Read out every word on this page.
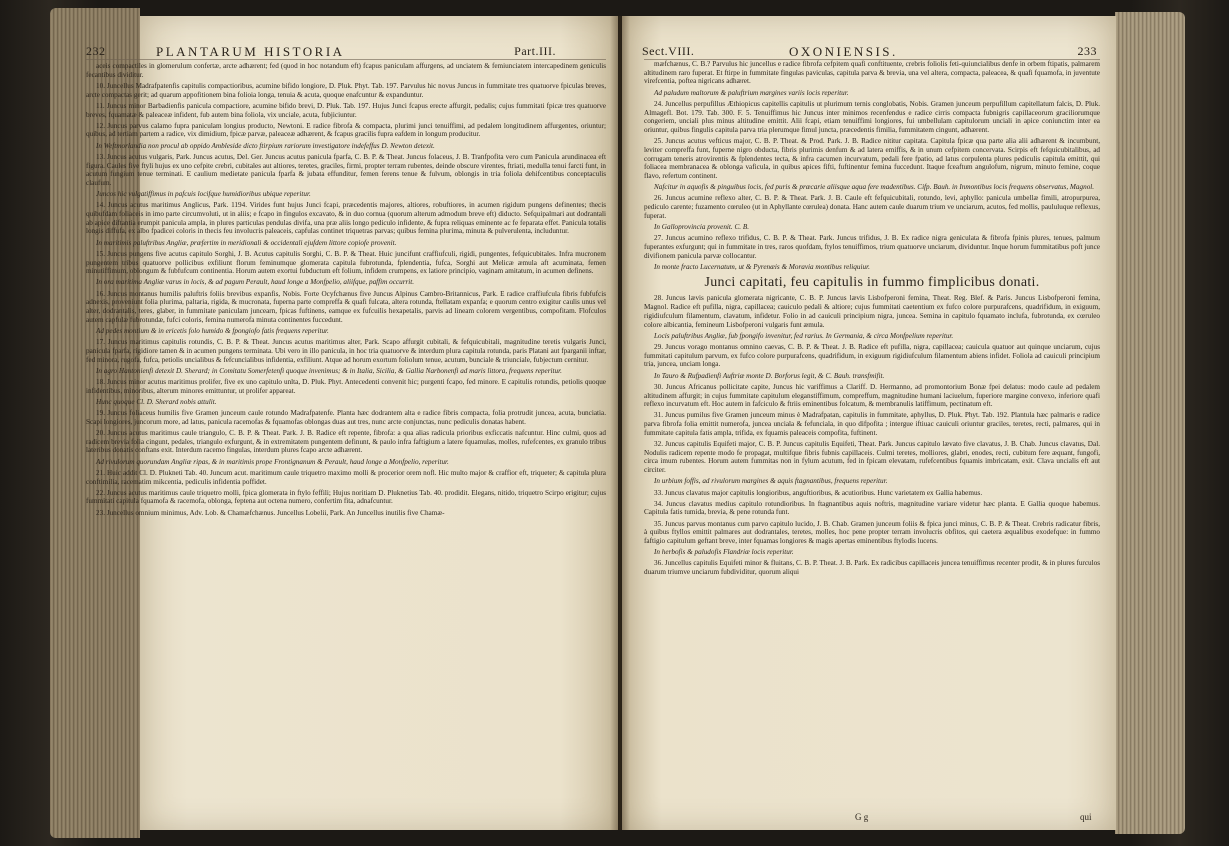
232	PLANTARUM HISTORIA	Part.III.	Sect.VIII.	OXONIENSIS.	233

aceis compactiles in glomerulum confertæ, arcte adhærent; fed (quod in hoc notandum eft) fcapus paniculam affurgens, ad unciatem & femiunciatem intercapedinem geniculis fecantibus dividitur.

10. Juncellus Madrafpatenfis capitulis compactioribus, acumine bifido longiore, D. Pluk. Phyt. Tab. 197. Parvulus hic novus Juncus in fummitate tres quatuorve fpiculas breves, arcte compactas gerit; ad quarum appofitionem bina folioia longa, tenuia & acuta, quoque enafcuntur & expanduntur.

11. Juncus minor Barbadienfis panicula compactiore, acumine bifido brevi, D. Pluk. Tab. 197. Hujus Junci fcapus erecte affurgit, pedalis; cujus fummitati fpicæ tres quatuorve breves, fquamatæ & paleaceæ infident, fub autem bina foliola, vix unciale, acuta, fubjiciuntur.

12. Juncus parvus calamo fupra paniculam longius producto, Newtoni. E radice fibrofa & compacta, plurimi junci tenuiffimi, ad pedalem longitudinem affurgentes, oriuntur; quibus, ad tertiam partem a radice, vix dimidium, fpicæ parvæ, paleaceæ adhærent, & fcapus gracilis fupra eafdem in longum producitur.

In Weftmorlandia non procul ab oppido Ambleside dicto ftirpium rariorum investigatore indefeffus D. Newton detexit.

13. Juncus acutus vulgaris, Park. Juncus acutus, Del. Ger. Juncus acutus panicula fparfa, C. B. P. & Theat. Juncus folaceus, J. B. Tranfpofita vero cum Panicula arundinacea eft figura. Caules five ftyli hujus ex uno cefpite crebri, cubitales aut altiores, teretes, graciles, firmi, propter terram rubentes, deinde obscure virentes, ftriati, medulla tenui farcti funt, in acutum fungium tenue terminati. E caulium medietate panicula fparfa & jubata effunditur, femen ferens tenue & fulvum, oblongis in tria foliola dehifcentibus conceptaculis claufum.

Juncos hic vulgatiffimus in pafcuis locifque humidioribus ubique reperitur.

14. Juncus acutus maritimus Anglicus, Park. 1194. Virides funt hujus Junci fcapi, præcedentis majores, altiores, robuftiores, in acumen rigidum pungens definentes; thecis quibufdam foliaceis in imo parte circumvoluti, ut in aliis; e fcapo in fingulos excavato, & in duo cornua (quorum alterum admodum breve eft) diducto. Sefquipalmari aut dodrantali ab apice diftantia erumpit panicula ampla, in plures particulas pendulas divifa, una præ aliis longo pediculo infidente, & fupra reliquas eminente ac fe feparata effet. Panicula totalis longis diffufa, ex albo fpadicei coloris in thecis feu involucris paleaceis, capfulas continet triquetras parvas; quibus femina plurima, minuta & pulverulenta, includuntur.

In maritimis paluftribus Angliæ, præfertim in meridionali & occidentali ejufdem littore copiofe provenit.

15. Juncus pungens five acutus capitulo Sorghi, J. B. Acutus capitulis Sorghi, C. B. P. & Theat. Huic juncifunt craffiufculi, rigidi, pungentes, fefquicubitales. Infra mucronem pungentem tribus quatuorve pollicibus exfiliunt florum feminumque glomerata capitula fubrotunda, fplendentia, fufca, Sorghi aut Melicæ æmula aft acuminata, femen minutiffimum, oblongum & fubfufcum continentia. Horum autem exortui fubductum eft folium, infidem crumpens, ex latiore principio, vaginam amitatum, in acumen definens.

In ora maritima Angliæ varus in locis, & ad pagum Perault, haud longe a Monfpelio, aliifque, paffim occurrit.

16. Juncus montanus humilis paluftris foliis brevibus expanfis, Nobis. Forte Ocyfchænus five Juncus Alpinus Cambro-Britannicus, Park. E radice craffiufcula fibris fubfufcis adnexis, proveniunt folia plurima, paltaria, rigida, & mucronata, fuperna parte compreffa & quafi fulcata, altera rotunda, ftellatam expanfa; e quorum centro exigitur caulis unus vel alter, dodrantalis, teres, glaber, in fummitate paniculam juncearn, fpicas fuftinens, eamque ex fufcuilis hexapetalis, parvis ad lineam colorem vergentibus, compofitam. Flofculos autem capfulæ fubrotundæ, fufci coloris, femina numerofa minuta continentes fuccedunt.

Ad pedes montium & in ericetis folo humido & fpongiofo fatis frequens reperitur.

17. Juncus maritimus capitulis rotundis, C. B. P. & Theat. Juncus acutus maritimus alter, Park. Scapo affurgit cubitali, & fefquicubitali, magnitudine teretis vulgaris Junci, panicula fparfa, rigidiore tamen & in acumen pungens terminata. Ubi vero in illo panicula, in hoc tria quatuorve & interdum plura capitula rotunda, paris Platani aut fparganii inftar, fed minora, rugofa, fufca, petiolis uncialibus & fefcuncialibus infidentia, exfiliunt. Atque ad horum exortum foliolum tenue, acutum, bunciale & triunciale, fubjectum cernitur.

In agro Hantonienfi detexit D. Sherard; in Comitatu Somerfetenfi quoque invenimus; & in Italia, Sicilia, & Gallia Narbonenfi ad maris littora, frequens reperitur.

18. Juncus minor acutus maritimus prolifer, five ex uno capitulo unlta, D. Pluk. Phyt. Antecedenti convenit hic; purgenti fcapo, fed minore. E capitulis rotundis, petiolis quoque infidentibus, minoribus, alterum minores emittuntur, ut prolifer appareat.

Hunc quoque Cl. D. Sherard nobis attulit.

19. Juncus foliaceus humilis five Gramen junceum caule rotundo Madrafpatenfe. Planta hæc dodrantem alta e radice fibris compacta, folia protrudit juncea, acuta, bunciatia. Scapi longiores, juncorum more, ad latus, panicula racemofas & fquamofas oblongas duas aut tres, nunc arcte conjunctas, nunc pediculis donatas habent.

20. Juncus acutus maritimus caule triangulo, C. B. P. & Theat. Park. J. B. Radice eft repente, fibrofa: a qua alias radicula prioribus exficcatis nafcuntur. Hinc culmi, quos ad radicem brevia folia cingunt, pedales, triangulo exfurgunt, & in extremitatem pungentem definunt, & paulo infra faftigium a latere fquamulas, molles, rufefcentes, ex granulo tribus lateribus donatis conftans exit. Interdum racemo fingulas, interdum plures fcapo arcte adhærent.

Ad rivulorum quorundam Angliæ ripas, & in maritimis prope Frontignanum & Perault, haud longe a Monfpelio, reperitur.

21. Huic addit Cl. D. Plukneti Tab. 40. Juncum acut. maritimum caule triquetro maximo molli & procerior orem nofl. Hic multo major & craffior eft, triqueter; & capitula plura conftimilia, racematim mikcentia, pediculis infidentia poffidet.

22. Juncus acutus maritimus caule triquetro molli, fpica glomerata in ftylo feffili; Hujus noritiam D. Pluknetius Tab. 40. prodidit. Elegans, nitido, triquetro Scirpo erigitur; cujus fummitati capitula fquamofa & racemofa, oblonga, feptena aut octena numero, confertim fita, adnafcuntur.

23. Juncellus omnium minimus, Adv. Lob. & Chamæfchænus. Juncellus Lobelii, Park. An Juncellus inutilis five Chamæ-

mæfchænus, C. B.? Parvulus hic juncellus e radice fibrofa cefpitem quafi conftituente, crebris foliolis feti-quiuncialibus denfe in orbem ftipatis, palmarem altitudinem raro fuperat. Et ftirpe in fummitate fingulas paviculas, capitula parva & brevia, una vel altera, compacta, paleacea, & quafi fquamofa, in juventute virefcentia, poftea nigricans adhæret.

Ad paludum maltorum & paluftrium margines variis locis reperitur.

24. Juncellus perpufillus Æthiopicus capitellis capitulis ut plurimum ternis conglobatis, Nobis. Gramen junceum perpufillum capitellatum falcis, D. Pluk. Almagefl. Bot. 179. Tab. 300. F. 5. Tenuiffimus hic Juncus inter minimos recenfendus e radice cirris compacta fubnigris capillaceorum graciliorumque congeriem, unciali plus minus altitudine emittit. Alii fcapi, etiam tenuiffimi longiores, fui umbellulam capitulorum unciali in apice coniunctim inter ea oriuntur, quibus fingulis capitula parva tria plerumque fimul juncta, præcedentis fimilia, fummitatem cingunt, adhærent.

25. Juncus acutus vefticus major, C. B. P. Theat. & Prod. Park. J. B. Radice nititur capitata. Capitula fpicæ qua parte alia alii adhærent & incumbunt, leviter compreffa funt, fuperne nigro obducta, fibris plurimis denfum & ad latera emiffis, & in unum cefpitem concervata. Scirpis eft fefquicubitalibus, ad corrugam teneris atrovirentis & fplendentes tecta, & infra cacumen incurvatum, pedali fere fpatio, ad latus corpulenta plures pediculis capitula emittit, qui foliacea membranacea & oblonga vaficula, in quibus apices fifti, fuftinentur femina fuccedunt. Itaque fceaftum angulofum, nigrum, minuto femine, coque flavo, refertum continent.

Nafcitur in aquofis & pinguibus locis, fed puris & præcarie aliisque aqua fere madentibus. Cifp. Bauh. in Inmontibus locis frequens observatus, Magnol.

26. Juncus acumine reflexo alter, C. B. P. & Theat. Park. J. B. Caule eft fefquicubitali, rotundo, levi, aphyllo: panicula umbellæ fimili, atropurpurea, pediculo carente; fuzamento cœruleo (ut in Aphyllante cœrulea) donata. Hanc autem caule duarum trium ve unciarum, acutos, fed mollis, paululuque reflexus, fuperat.

In Galloprovincia provenit. C. B.

27. Juncus acumino reflexo trifidus, C. B. P. & Theat. Park. Juncus trifidus, J. B. Ex radice nigra geniculata & fibrofa fpinis plures, tenues, palmum fuperantes exfurgunt; qui in fummitate in tres, raros quofdam, ftylos tenuiffimos, trium quatuorve unciarum, dividuntur. Inque horum fummitatibus poft junce divifionem panicula parvæ collocantur.

In monte fracto Lucernatum, ut & Pyrenæis & Moravia montibus reliquiur.

Junci capitati, feu capitulis in fummo fimplicibus donati.

28. Juncus lævis panicula glomerata nigricante, C. B. P. Juncus lævis Lisbofperoni femina, Theat. Reg. Blef. & Paris. Juncus Lisbofperoni femina, Magnol. Radice eft pufilla, nigra, capillacea; cauiculo pedali & altiore; cujus fummitati caetentium ex fufco colore purpurafcens, quadrifidum, in exiguum, rigidiufculum filamentum, clavatum, infidetur. Folio in ad cauiculi principium nigra, juncea. Semina in capitulo fquamato inclufa, fubrotunda, ex cœruleo colore albicantia, femineum Lisbofperoni vulgaris funt æmula.

Locis paluftribus Angliæ, fub fpongifo invenitur, fed rarius. In Germania, & circa Monfpelium reperitur.

29. Juncus vorago montanus omnino caevas, C. B. P. & Theat. J. B. Radice eft pufilla, nigra, capillacea; cauicula quatuor aut quinque unciarum, cujus fummitati capitulum parvum, ex fufco colore purpurafcens, quadrifidum, in exiguum rigidiufculum filamentum abiens infidet. Foliola ad cauiculi principium tria, juncea, unciam longa.

In Tauro & Rufpadienfi Auftriæ monte D. Borforus legit, & C. Bauh. transfmifit.

30. Juncus Africanus pollicitate capite, Juncus hic variffimus a Clariff. D. Hermanno, ad promontorium Bonæ fpei delatus: modo caule ad pedalem altitudinem affurgit; in cujus fummitate capitulum eleganstiffimum, compreffum, magnitudine humani laciuelum, fuperiore margine convexo, inferiore quafi reflexo incurvatum eft. Hoc autem in fafciculo & ftriis eminentibus folcatum, & membranulis latiffimum, pectinatum eft.

31. Juncus pumilus five Gramen junceum minus è Madrafpatan, capitulis in fummitate, aphyllus, D. Pluk. Phyt. Tab. 192. Plantula hæc palmaris e radice parva fibrofa folia emittit numerofa, juncea unciala & fefunciala, in quo difpofita ; intergue iftiuac cauiculi oriuntur graciles, teretes, recti, palmares, qui in fummitate capitula fatis ampla, trifida, ex fquamis paleaceis compofita, fuftinent.

32. Juncus capitulis Equifeti major, C. B. P. Juncus capitulis Equifeti, Theat. Park. Juncus capitulo lævato five clavatus, J. B. Chab. Juncus clavatus, Dal. Nodulis radicem repente modo fe propagat, multifque fibris fubnis capillaceis. Culmi teretes, molliores, glabri, enodes, recti, cubitum fere æquant, fungofi, circa imum rubentes. Horum autem fummitas non in fylum acutum, fed in fpicam elevatam, rufefcentibus fquamis imbricatam, exit. Clava uncialis eft aut circiter.

In urbium foffis, ad rivulorum margines & aquis ftagnantibus, frequens reperitur.

33. Juncus clavatus major capitulis longioribus, anguftioribus, & acutioribus. Hunc varietatem ex Gallia habemus.

34. Juncus clavatus medius capitulo rotundioribus. In ftagnantibus aquis noftris, magnitudine variare videtur hæc planta. E Gallia quoque habemus. Capitula fatis tumida, brevia, & pene rotunda funt.

35. Juncus parvus montanus cum parvo capitulo lucido, J. B. Chab. Gramen junceum foliis & fpica junci minus, C. B. P. & Theat. Crebris radicatur fibris, à quibus ftyllos emittit palmares aut dodrantales, teretes, molles, hoc pene propter terram involucris obfitos, qui caetera æqualibus exodefque: in fummo faftigio capitulum geftant breve, inter fquamas longiores & magis apertas eminentibus ftylodis lucens.

In herbofis & paludofis Flandriæ locis reperitur.

36. Juncellus capitulis Equifeti minor & fluitans, C. B. P. Theat. J. B. Park. Ex radicibus capillaceis juncea tenuiffimus recenter prodit, & in plures furculos duarum triumve unciarum fubdividitur, quorum aliqui

G g	qui
